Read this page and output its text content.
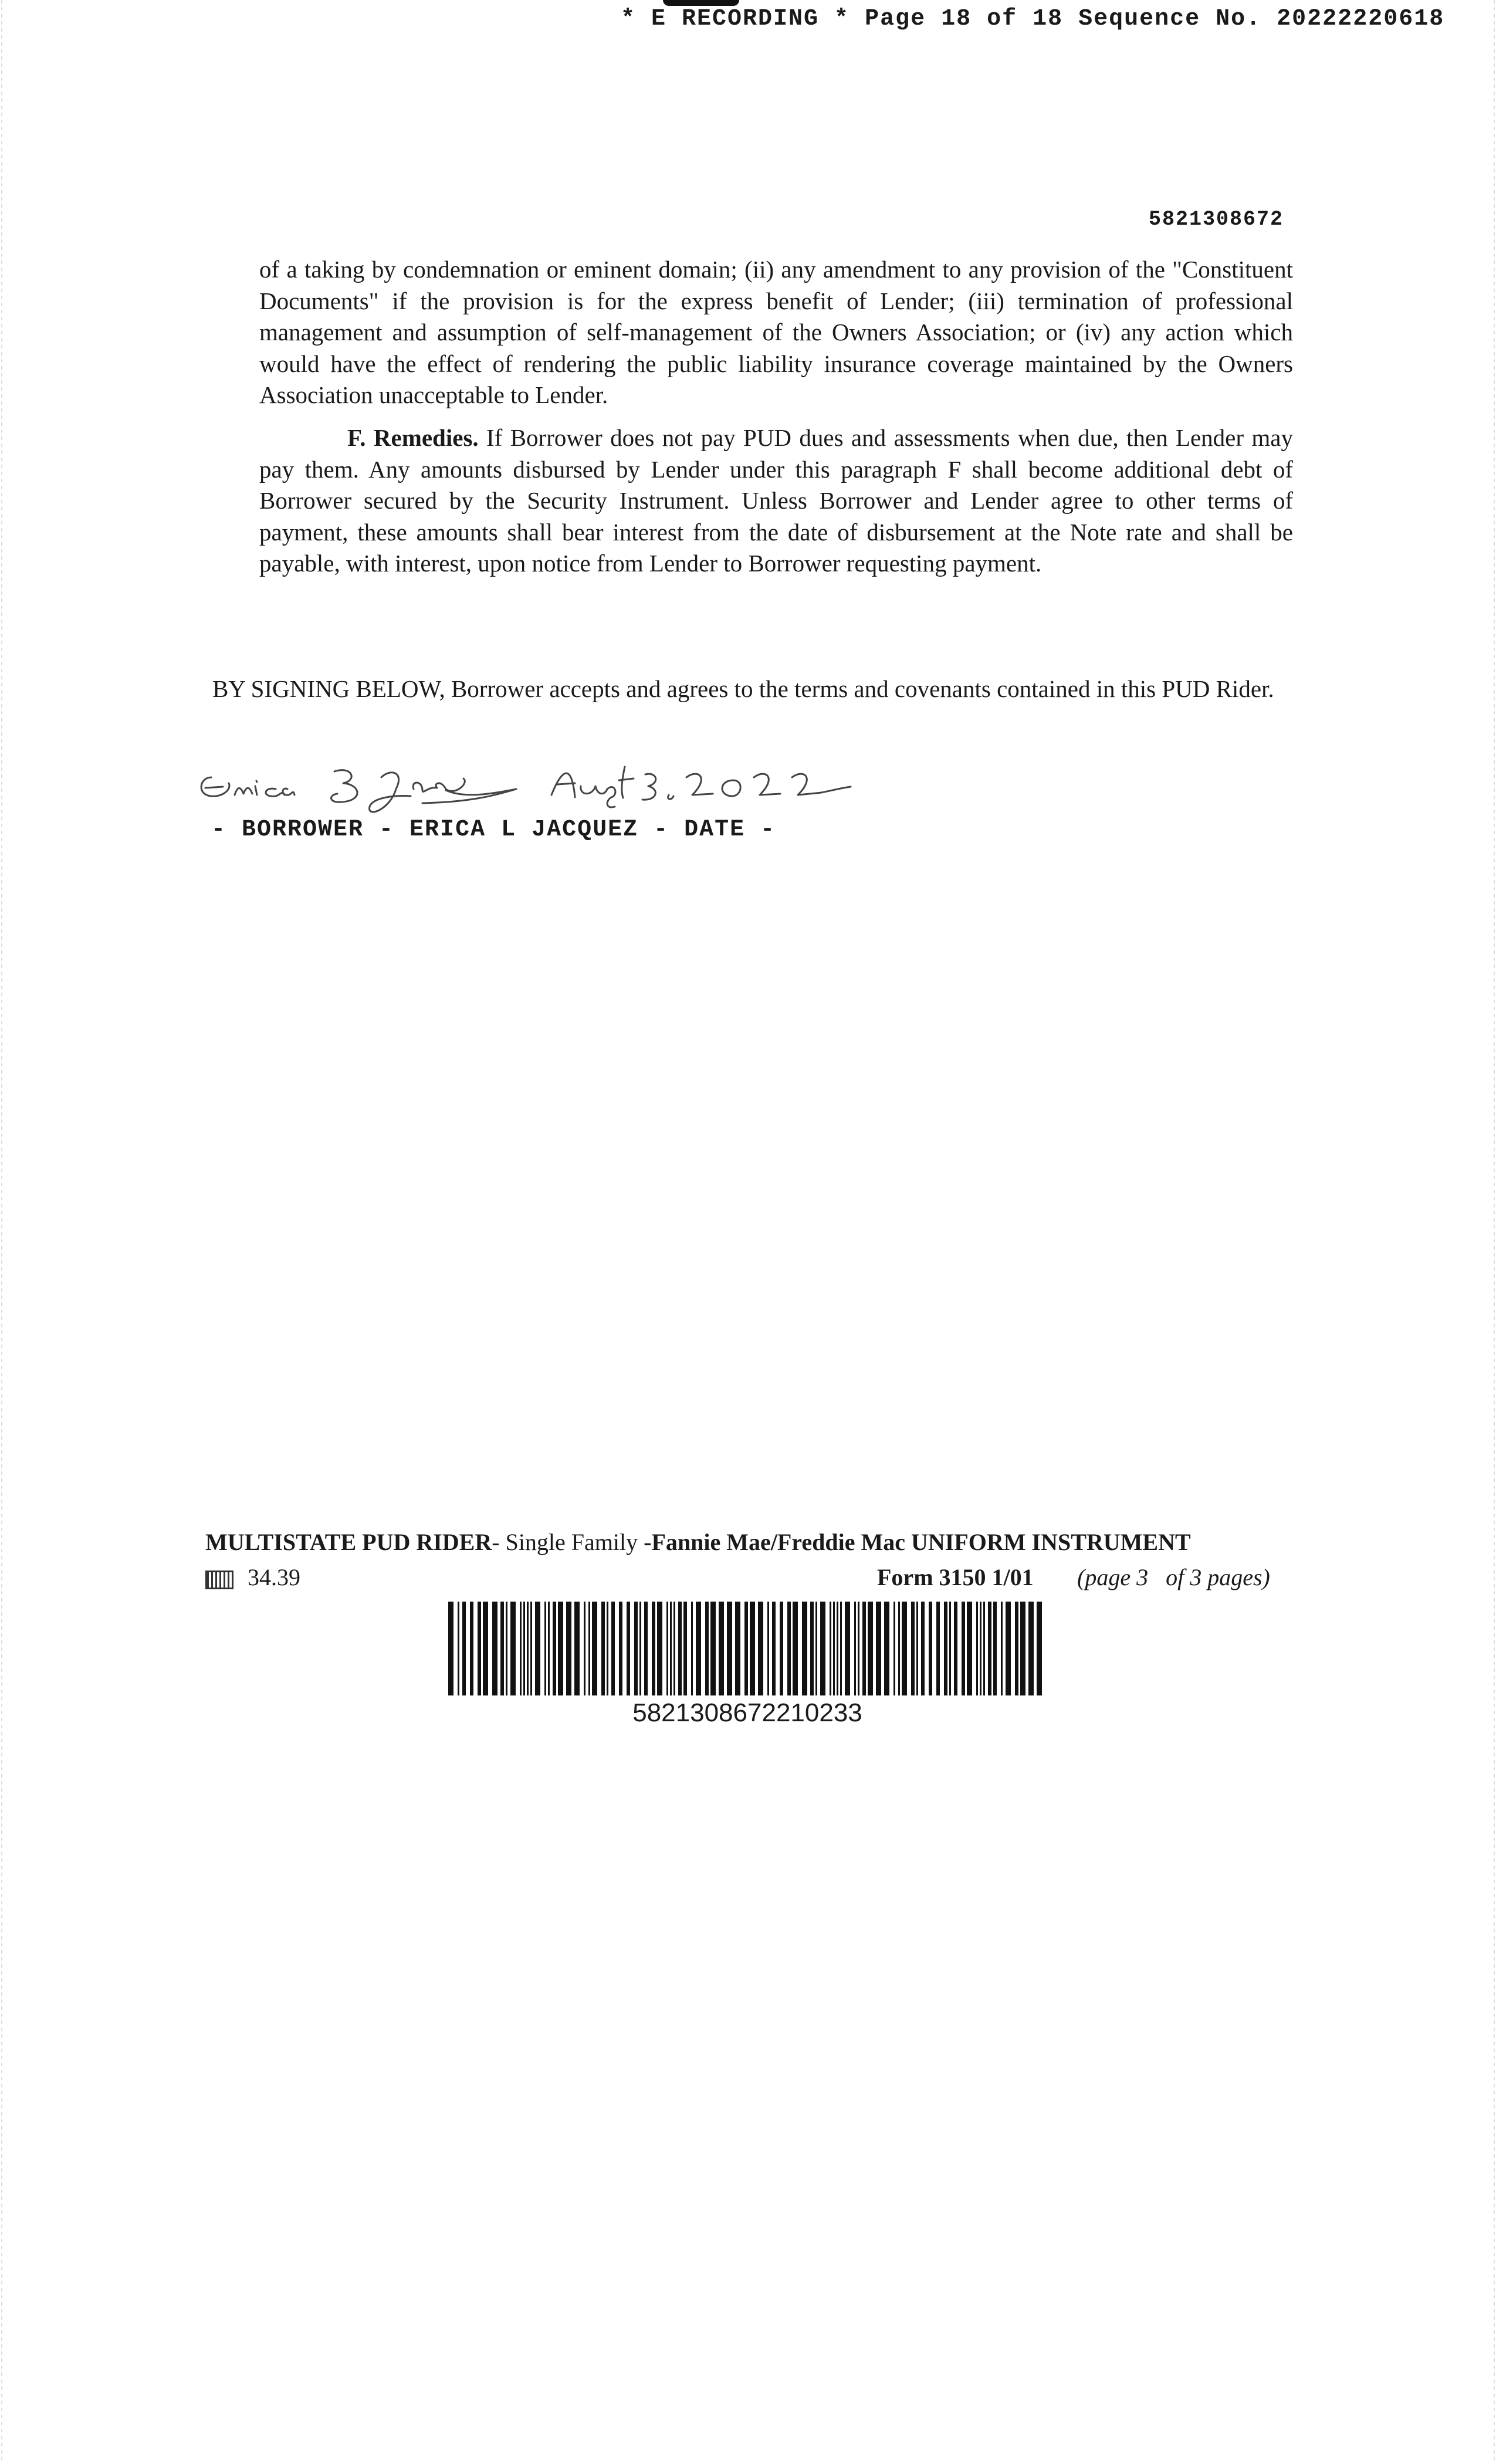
* E RECORDING * Page 18 of 18 Sequence No. 20222220618
5821308672
of a taking by condemnation or eminent domain; (ii) any amendment to any provision of the "Constituent Documents" if the provision is for the express benefit of Lender; (iii) termination of professional management and assumption of self-management of the Owners Association; or (iv) any action which would have the effect of rendering the public liability insurance coverage maintained by the Owners Association unacceptable to Lender.
F. Remedies. If Borrower does not pay PUD dues and assessments when due, then Lender may pay them. Any amounts disbursed by Lender under this paragraph F shall become additional debt of Borrower secured by the Security Instrument. Unless Borrower and Lender agree to other terms of payment, these amounts shall bear interest from the date of disbursement at the Note rate and shall be payable, with interest, upon notice from Lender to Borrower requesting payment.
BY SIGNING BELOW, Borrower accepts and agrees to the terms and covenants contained in this PUD Rider.
- BORROWER - ERICA L JACQUEZ - DATE -
MULTISTATE PUD RIDER- Single Family -Fannie Mae/Freddie Mac UNIFORM INSTRUMENT
34.39	Form 3150 1/01 (page 3   of 3 pages)
5821308672210233
